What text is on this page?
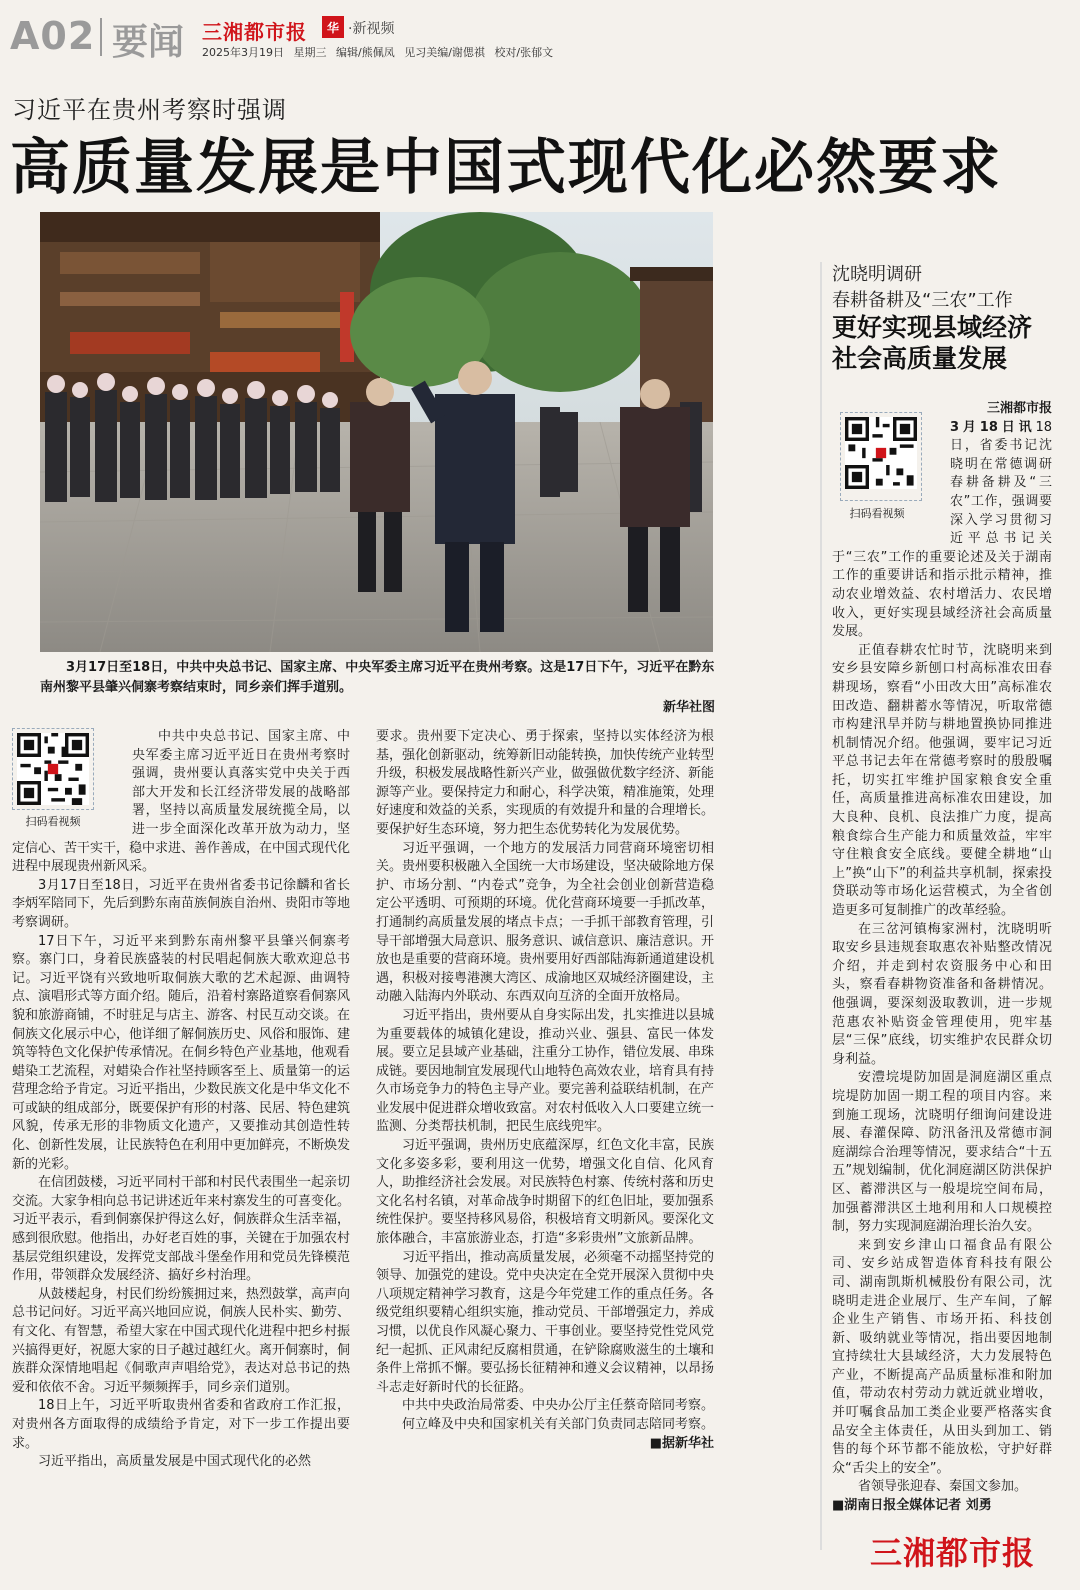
A02 要闻 三湘都市报	华 ·新视频
2025年3月19日 星期三 编辑/熊佩凤 见习美编/谢偲祺 校对/张郁文
习近平在贵州考察时强调
高质量发展是中国式现代化必然要求
3月17日至18日，中共中央总书记、国家主席、中央军委主席习近平在贵州考察。这是17日下午，习近平在黔东南州黎平县肇兴侗寨考察结束时，同乡亲们挥手道别。
新华社图
扫码看视频

中共中央总书记、国家主席、中央军委主席习近平近日在贵州考察时强调，贵州要认真落实党中央关于西部大开发和长江经济带发展的战略部署，坚持以高质量发展统揽全局，以进一步全面深化改革开放为动力，坚定信心、苦干实干，稳中求进、善作善成，在中国式现代化进程中展现贵州新风采。

3月17日至18日，习近平在贵州省委书记徐麟和省长李炳军陪同下，先后到黔东南苗族侗族自治州、贵阳市等地考察调研。

17日下午，习近平来到黔东南州黎平县肇兴侗寨考察。寨门口，身着民族盛装的村民唱起侗族大歌欢迎总书记。习近平饶有兴致地听取侗族大歌的艺术起源、曲调特点、演唱形式等方面介绍。随后，沿着村寨路道察看侗寨风貌和旅游商铺，不时驻足与店主、游客、村民互动交谈。在侗族文化展示中心，他详细了解侗族历史、风俗和服饰、建筑等特色文化保护传承情况。在侗乡特色产业基地，他观看蜡染工艺流程，对蜡染合作社坚持顾客至上、质量第一的运营理念给予肯定。习近平指出，少数民族文化是中华文化不可或缺的组成部分，既要保护有形的村落、民居、特色建筑风貌，传承无形的非物质文化遗产，又要推动其创造性转化、创新性发展，让民族特色在利用中更加鲜亮，不断焕发新的光彩。

在信团鼓楼，习近平同村干部和村民代表围坐一起亲切交流。大家争相向总书记讲述近年来村寨发生的可喜变化。习近平表示，看到侗寨保护得这么好，侗族群众生活幸福，感到很欣慰。他指出，办好老百姓的事，关键在于加强农村基层党组织建设，发挥党支部战斗堡垒作用和党员先锋模范作用，带领群众发展经济、搞好乡村治理。

从鼓楼起身，村民们纷纷簇拥过来，热烈鼓掌，高声向总书记问好。习近平高兴地回应说，侗族人民朴实、勤劳、有文化、有智慧，希望大家在中国式现代化进程中把乡村振兴搞得更好，祝愿大家的日子越过越红火。离开侗寨时，侗族群众深情地唱起《侗歌声声唱给党》，表达对总书记的热爱和依依不舍。习近平频频挥手，同乡亲们道别。

18日上午，习近平听取贵州省委和省政府工作汇报，对贵州各方面取得的成绩给予肯定，对下一步工作提出要求。

习近平指出，高质量发展是中国式现代化的必然

要求。贵州要下定决心、勇于探索，坚持以实体经济为根基，强化创新驱动，统筹新旧动能转换，加快传统产业转型升级，积极发展战略性新兴产业，做强做优数字经济、新能源等产业。要保持定力和耐心，科学决策，精准施策，处理好速度和效益的关系，实现质的有效提升和量的合理增长。要保护好生态环境，努力把生态优势转化为发展优势。

习近平强调，一个地方的发展活力同营商环境密切相关。贵州要积极融入全国统一大市场建设，坚决破除地方保护、市场分割、“内卷式”竞争，为全社会创业创新营造稳定公平透明、可预期的环境。优化营商环境要一手抓改革，打通制约高质量发展的堵点卡点；一手抓干部教育管理，引导干部增强大局意识、服务意识、诚信意识、廉洁意识。开放也是重要的营商环境。贵州要用好西部陆海新通道建设机遇，积极对接粤港澳大湾区、成渝地区双城经济圈建设，主动融入陆海内外联动、东西双向互济的全面开放格局。

习近平指出，贵州要从自身实际出发，扎实推进以县城为重要载体的城镇化建设，推动兴业、强县、富民一体发展。要立足县域产业基础，注重分工协作，错位发展、串珠成链。要因地制宜发展现代山地特色高效农业，培育具有持久市场竞争力的特色主导产业。要完善利益联结机制，在产业发展中促进群众增收致富。对农村低收入人口要建立统一监测、分类帮扶机制，把民生底线兜牢。

习近平强调，贵州历史底蕴深厚，红色文化丰富，民族文化多姿多彩，要利用这一优势，增强文化自信、化风育人，助推经济社会发展。对民族特色村寨、传统村落和历史文化名村名镇，对革命战争时期留下的红色旧址，要加强系统性保护。要坚持移风易俗，积极培育文明新风。要深化文旅体融合，丰富旅游业态，打造“多彩贵州”文旅新品牌。

习近平指出，推动高质量发展，必须毫不动摇坚持党的领导、加强党的建设。党中央决定在全党开展深入贯彻中央八项规定精神学习教育，这是今年党建工作的重点任务。各级党组织要精心组织实施，推动党员、干部增强定力，养成习惯，以优良作风凝心聚力、干事创业。要坚持党性党风党纪一起抓、正风肃纪反腐相贯通，在铲除腐败滋生的土壤和条件上常抓不懈。要弘扬长征精神和遵义会议精神，以昂扬斗志走好新时代的长征路。

中共中央政治局常委、中央办公厅主任蔡奇陪同考察。

何立峰及中央和国家机关有关部门负责同志陪同考察。

■据新华社
沈晓明调研
春耕备耕及“三农”工作
更好实现县域经济
社会高质量发展
扫码看视频
三湘都市报

3月18日讯18日，省委书记沈晓明在常德调研春耕备耕及“三农”工作，强调要深入学习贯彻习近平总书记关于“三农”工作的重要论述及关于湖南工作的重要讲话和指示批示精神，推动农业增效益、农村增活力、农民增收入，更好实现县域经济社会高质量发展。

正值春耕农忙时节，沈晓明来到安乡县安障乡新刨口村高标准农田春耕现场，察看“小田改大田”高标准农田改造、翻耕蓄水等情况，听取常德市构建汛旱并防与耕地置换协同推进机制情况介绍。他强调，要牢记习近平总书记去年在常德考察时的殷殷嘱托，切实扛牢维护国家粮食安全重任，高质量推进高标准农田建设，加大良种、良机、良法推广力度，提高粮食综合生产能力和质量效益，牢牢守住粮食安全底线。要健全耕地“山上”换“山下”的利益共享机制，探索投贷联动等市场化运营模式，为全省创造更多可复制推广的改革经验。

在三岔河镇梅家洲村，沈晓明听取安乡县违规套取惠农补贴整改情况介绍，并走到村农资服务中心和田头，察看春耕物资准备和备耕情况。他强调，要深刻汲取教训，进一步规范惠农补贴资金管理使用，兜牢基层“三保”底线，切实维护农民群众切身利益。

安澧垸堤防加固是洞庭湖区重点垸堤防加固一期工程的项目内容。来到施工现场，沈晓明仔细询问建设进展、春灌保障、防汛备汛及常德市洞庭湖综合治理等情况，要求结合“十五五”规划编制，优化洞庭湖区防洪保护区、蓄滞洪区与一般堤垸空间布局，加强蓄滞洪区土地利用和人口规模控制，努力实现洞庭湖治理长治久安。

来到安乡津山口福食品有限公司、安乡站成智造体育科技有限公司、湖南凯斯机械股份有限公司，沈晓明走进企业展厅、生产车间，了解企业生产销售、市场开拓、科技创新、吸纳就业等情况，指出要因地制宜持续壮大县域经济，大力发展特色产业，不断提高产品质量标准和附加值，带动农村劳动力就近就业增收，并叮嘱食品加工类企业要严格落实食品安全主体责任，从田头到加工、销售的每个环节都不能放松，守护好群众“舌尖上的安全”。

省领导张迎春、秦国文参加。

■湖南日报全媒体记者 刘勇

三湘都市报
